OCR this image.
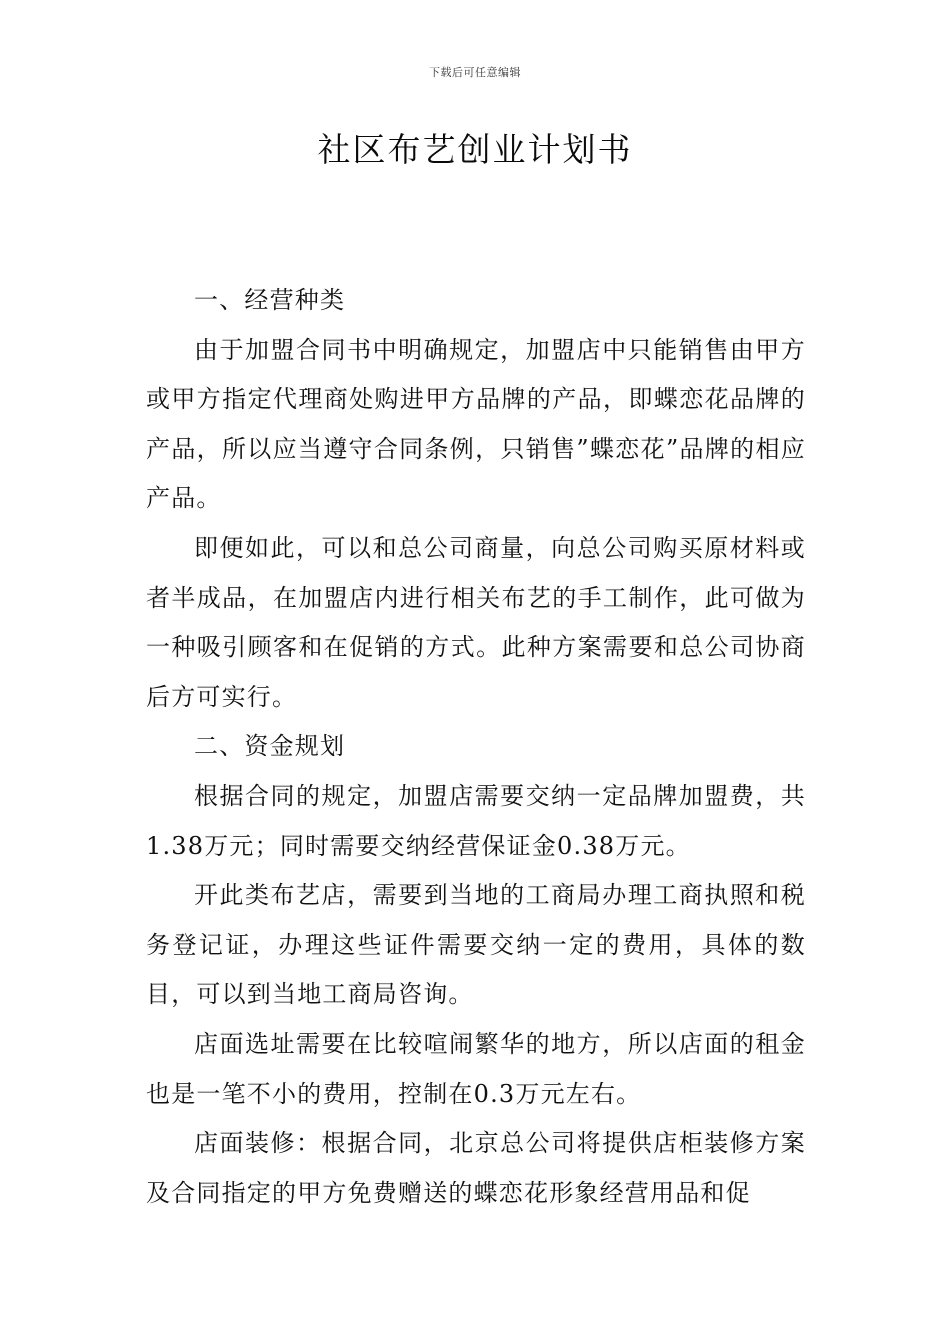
下载后可任意编辑
社区布艺创业计划书

一、经营种类

由于加盟合同书中明确规定，加盟店中只能销售由甲方或甲方指定代理商处购进甲方品牌的产品，即蝶恋花品牌的产品，所以应当遵守合同条例，只销售”蝶恋花”品牌的相应产品。

即便如此，可以和总公司商量，向总公司购买原材料或者半成品，在加盟店内进行相关布艺的手工制作，此可做为一种吸引顾客和在促销的方式。此种方案需要和总公司协商后方可实行。

二、资金规划

根据合同的规定，加盟店需要交纳一定品牌加盟费，共1.38万元；同时需要交纳经营保证金0.38万元。

开此类布艺店，需要到当地的工商局办理工商执照和税务登记证，办理这些证件需要交纳一定的费用，具体的数目，可以到当地工商局咨询。

店面选址需要在比较喧闹繁华的地方，所以店面的租金也是一笔不小的费用，控制在0.3万元左右。

店面装修：根据合同，北京总公司将提供店柜装修方案及合同指定的甲方免费赠送的蝶恋花形象经营用品和促
